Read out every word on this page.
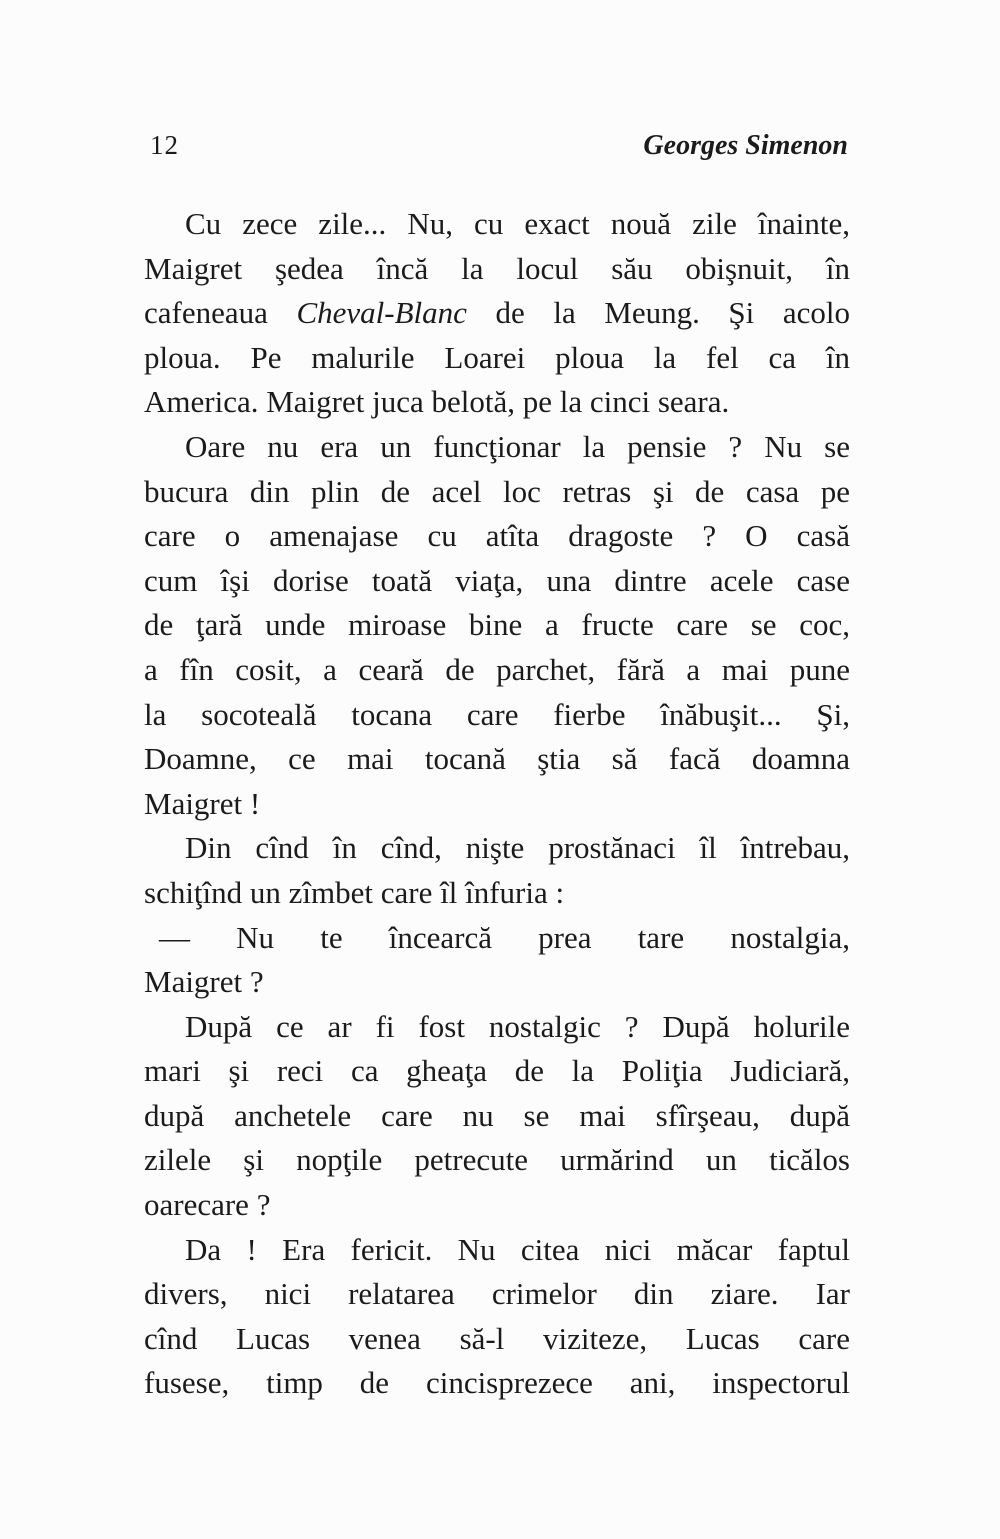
12	Georges Simenon
Cu zece zile... Nu, cu exact nouă zile înainte,
Maigret şedea încă la locul său obişnuit, în
cafeneaua Cheval-Blanc de la Meung. Şi acolo
ploua. Pe malurile Loarei ploua la fel ca în
America. Maigret juca belotă, pe la cinci seara.
Oare nu era un funcţionar la pensie ? Nu se
bucura din plin de acel loc retras şi de casa pe
care o amenajase cu atîta dragoste ? O casă
cum îşi dorise toată viaţa, una dintre acele case
de ţară unde miroase bine a fructe care se coc,
a fîn cosit, a ceară de parchet, fără a mai pune
la socoteală tocana care fierbe înăbuşit... Şi,
Doamne, ce mai tocană ştia să facă doamna
Maigret !
Din cînd în cînd, nişte prostănaci îl întrebau,
schiţînd un zîmbet care îl înfuria :
— Nu te încearcă prea tare nostalgia,
Maigret ?
După ce ar fi fost nostalgic ? După holurile
mari şi reci ca gheaţa de la Poliţia Judiciară,
după anchetele care nu se mai sfîrşeau, după
zilele şi nopţile petrecute urmărind un ticălos
oarecare ?
Da ! Era fericit. Nu citea nici măcar faptul
divers, nici relatarea crimelor din ziare. Iar
cînd Lucas venea să-l viziteze, Lucas care
fusese, timp de cincisprezece ani, inspectorul
